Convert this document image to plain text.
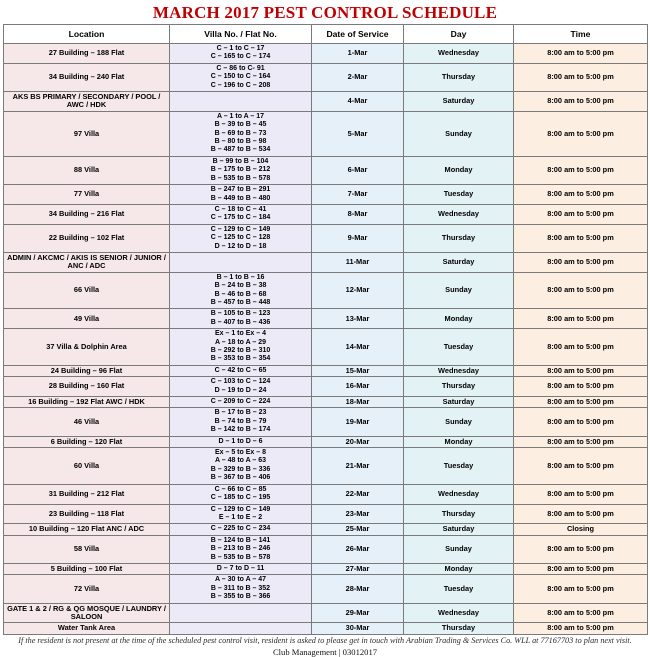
MARCH 2017 PEST CONTROL SCHEDULE
Location	Villa No. / Flat No.	Date of Service	Day	Time
27 Building – 188 Flat	C – 1 to C – 17
C – 165 to C – 174	1-Mar	Wednesday	8:00 am to 5:00 pm
34 Building – 240 Flat	C – 86 to C- 91
C – 150 to C – 164
C – 196 to C – 208	2-Mar	Thursday	8:00 am to 5:00 pm
AKS BS PRIMARY / SECONDARY / POOL / AWC / HDK		4-Mar	Saturday	8:00 am to 5:00 pm
97 Villa	A – 1 to A – 17
B – 39 to B – 45
B – 69 to B – 73
B – 80 to B – 98
B – 487 to B – 534	5-Mar	Sunday	8:00 am to 5:00 pm
88 Villa	B – 99 to B – 104
B – 175 to B – 212
B – 535 to B – 578	6-Mar	Monday	8:00 am to 5:00 pm
77 Villa	B – 247 to B – 291
B – 449 to B – 480	7-Mar	Tuesday	8:00 am to 5:00 pm
34 Building – 216 Flat	C – 18 to C – 41
C – 175 to C – 184	8-Mar	Wednesday	8:00 am to 5:00 pm
22 Building – 102 Flat	C – 129 to C – 149
C – 125 to C – 128
D – 12 to D – 18	9-Mar	Thursday	8:00 am to 5:00 pm
ADMIN / AKCMC / AKIS IS SENIOR / JUNIOR / ANC / ADC		11-Mar	Saturday	8:00 am to 5:00 pm
66 Villa	B – 1 to B – 16
B – 24 to B – 38
B – 46 to B – 68
B – 457 to B – 448	12-Mar	Sunday	8:00 am to 5:00 pm
49 Villa	B – 105 to B – 123
B – 407 to B – 436	13-Mar	Monday	8:00 am to 5:00 pm
37 Villa & Dolphin Area	Ex – 1 to Ex – 4
A – 18 to A – 29
B – 292 to B – 310
B – 353 to B – 354	14-Mar	Tuesday	8:00 am to 5:00 pm
24 Building – 96 Flat	C – 42 to C – 65	15-Mar	Wednesday	8:00 am to 5:00 pm
28 Building – 160 Flat	C – 103 to C – 124
D – 19 to D – 24	16-Mar	Thursday	8:00 am to 5:00 pm
16 Building – 192 Flat AWC / HDK	C – 209 to C – 224	18-Mar	Saturday	8:00 am to 5:00 pm
46 Villa	B – 17 to B – 23
B – 74 to B – 79
B – 142 to B – 174	19-Mar	Sunday	8:00 am to 5:00 pm
6 Building – 120 Flat	D – 1 to D – 6	20-Mar	Monday	8:00 am to 5:00 pm
60 Villa	Ex – 5 to Ex – 8
A – 48 to A – 63
B – 329 to B – 336
B – 367 to B – 406	21-Mar	Tuesday	8:00 am to 5:00 pm
31 Building – 212 Flat	C – 66 to C – 85
C – 185 to C – 195	22-Mar	Wednesday	8:00 am to 5:00 pm
23 Building – 118 Flat	C – 129 to C – 149
E – 1 to E – 2	23-Mar	Thursday	8:00 am to 5:00 pm
10 Building – 120 Flat ANC / ADC	C – 225 to C – 234	25-Mar	Saturday	Closing
58 Villa	B – 124 to B – 141
B – 213 to B – 246
B – 535 to B – 578	26-Mar	Sunday	8:00 am to 5:00 pm
5 Building – 100 Flat	D – 7 to D – 11	27-Mar	Monday	8:00 am to 5:00 pm
72 Villa	A – 30 to A – 47
B – 311 to B – 352
B – 355 to B – 366	28-Mar	Tuesday	8:00 am to 5:00 pm
GATE 1 & 2 / RG & QG MOSQUE / LAUNDRY / SALOON		29-Mar	Wednesday	8:00 am to 5:00 pm
Water Tank Area		30-Mar	Thursday	8:00 am to 5:00 pm
If the resident is not present at the time of the scheduled pest control visit, resident is asked to please get in touch with Arabian Trading & Services Co. WLL at 77167703 to plan next visit.
Club Management | 03012017
